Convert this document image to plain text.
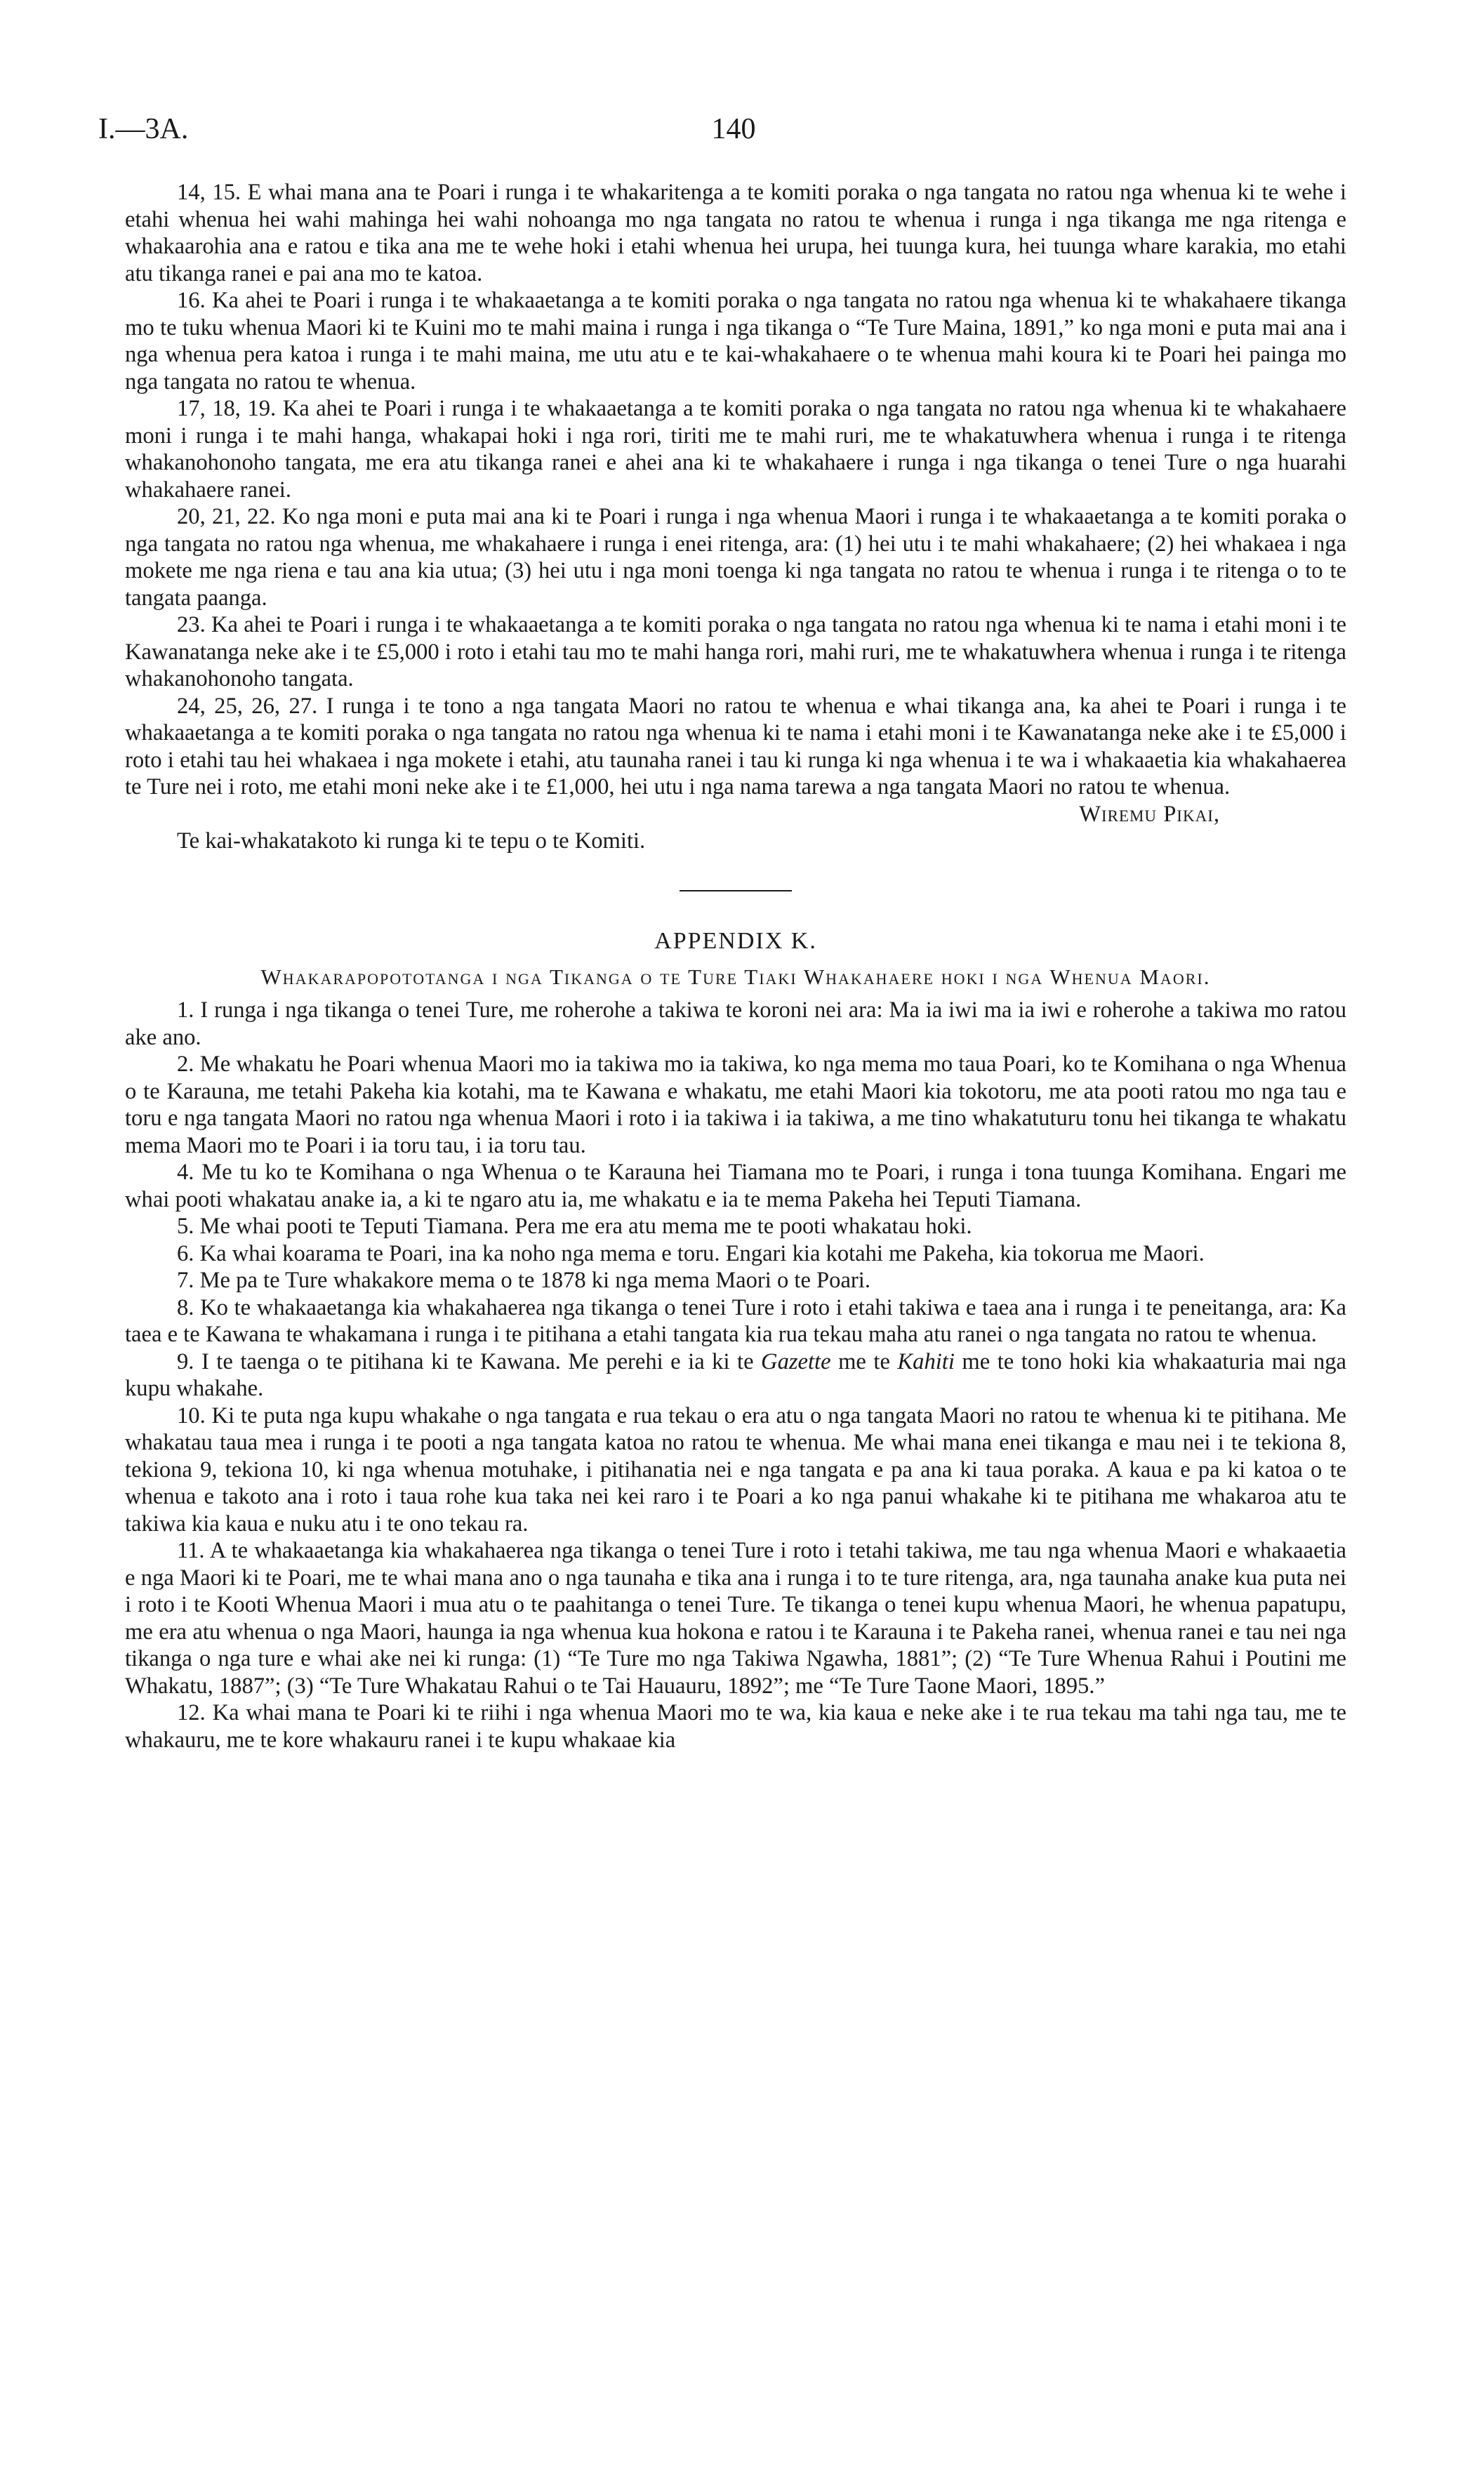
I.—3A.	140

14, 15. E whai mana ana te Poari i runga i te whakaritenga a te komiti poraka o nga tangata no ratou nga whenua ki te wehe i etahi whenua hei wahi mahinga hei wahi nohoanga mo nga tangata no ratou te whenua i runga i nga tikanga me nga ritenga e whakaarohia ana e ratou e tika ana me te wehe hoki i etahi whenua hei urupa, hei tuunga kura, hei tuunga whare karakia, mo etahi atu tikanga ranei e pai ana mo te katoa.

16. Ka ahei te Poari i runga i te whakaaetanga a te komiti poraka o nga tangata no ratou nga whenua ki te whakahaere tikanga mo te tuku whenua Maori ki te Kuini mo te mahi maina i runga i nga tikanga o “Te Ture Maina, 1891,” ko nga moni e puta mai ana i nga whenua pera katoa i runga i te mahi maina, me utu atu e te kai-whakahaere o te whenua mahi koura ki te Poari hei painga mo nga tangata no ratou te whenua.

17, 18, 19. Ka ahei te Poari i runga i te whakaaetanga a te komiti poraka o nga tangata no ratou nga whenua ki te whakahaere moni i runga i te mahi hanga, whakapai hoki i nga rori, tiriti me te mahi ruri, me te whakatuwhera whenua i runga i te ritenga whakanohonoho tangata, me era atu tikanga ranei e ahei ana ki te whakahaere i runga i nga tikanga o tenei Ture o nga huarahi whakahaere ranei.

20, 21, 22. Ko nga moni e puta mai ana ki te Poari i runga i nga whenua Maori i runga i te whakaaetanga a te komiti poraka o nga tangata no ratou nga whenua, me whakahaere i runga i enei ritenga, ara: (1) hei utu i te mahi whakahaere; (2) hei whakaea i nga mokete me nga riena e tau ana kia utua; (3) hei utu i nga moni toenga ki nga tangata no ratou te whenua i runga i te ritenga o to te tangata paanga.

23. Ka ahei te Poari i runga i te whakaaetanga a te komiti poraka o nga tangata no ratou nga whenua ki te nama i etahi moni i te Kawanatanga neke ake i te £5,000 i roto i etahi tau mo te mahi hanga rori, mahi ruri, me te whakatuwhera whenua i runga i te ritenga whakanohonoho tangata.

24, 25, 26, 27. I runga i te tono a nga tangata Maori no ratou te whenua e whai tikanga ana, ka ahei te Poari i runga i te whakaaetanga a te komiti poraka o nga tangata no ratou nga whenua ki te nama i etahi moni i te Kawanatanga neke ake i te £5,000 i roto i etahi tau hei whakaea i nga mokete i etahi, atu taunaha ranei i tau ki runga ki nga whenua i te wa i whakaaetia kia whakahaerea te Ture nei i roto, me etahi moni neke ake i te £1,000, hei utu i nga nama tarewa a nga tangata Maori no ratou te whenua.

Wiremu Pikai,

Te kai-whakatakoto ki runga ki te tepu o te Komiti.

APPENDIX K.
Whakarapopototanga i nga Tikanga o te Ture Tiaki Whakahaere hoki i nga Whenua Maori.

1. I runga i nga tikanga o tenei Ture, me roherohe a takiwa te koroni nei ara: Ma ia iwi ma ia iwi e roherohe a takiwa mo ratou ake ano.

2. Me whakatu he Poari whenua Maori mo ia takiwa mo ia takiwa, ko nga mema mo taua Poari, ko te Komihana o nga Whenua o te Karauna, me tetahi Pakeha kia kotahi, ma te Kawana e whakatu, me etahi Maori kia tokotoru, me ata pooti ratou mo nga tau e toru e nga tangata Maori no ratou nga whenua Maori i roto i ia takiwa i ia takiwa, a me tino whakatuturu tonu hei tikanga te whakatu mema Maori mo te Poari i ia toru tau, i ia toru tau.

4. Me tu ko te Komihana o nga Whenua o te Karauna hei Tiamana mo te Poari, i runga i tona tuunga Komihana. Engari me whai pooti whakatau anake ia, a ki te ngaro atu ia, me whakatu e ia te mema Pakeha hei Teputi Tiamana.

5. Me whai pooti te Teputi Tiamana. Pera me era atu mema me te pooti whakatau hoki.

6. Ka whai koarama te Poari, ina ka noho nga mema e toru. Engari kia kotahi me Pakeha, kia tokorua me Maori.

7. Me pa te Ture whakakore mema o te 1878 ki nga mema Maori o te Poari.

8. Ko te whakaaetanga kia whakahaerea nga tikanga o tenei Ture i roto i etahi takiwa e taea ana i runga i te peneitanga, ara: Ka taea e te Kawana te whakamana i runga i te pitihana a etahi tangata kia rua tekau maha atu ranei o nga tangata no ratou te whenua.

9. I te taenga o te pitihana ki te Kawana. Me perehi e ia ki te Gazette me te Kahiti me te tono hoki kia whakaaturia mai nga kupu whakahe.

10. Ki te puta nga kupu whakahe o nga tangata e rua tekau o era atu o nga tangata Maori no ratou te whenua ki te pitihana. Me whakatau taua mea i runga i te pooti a nga tangata katoa no ratou te whenua. Me whai mana enei tikanga e mau nei i te tekiona 8, tekiona 9, tekiona 10, ki nga whenua motuhake, i pitihanatia nei e nga tangata e pa ana ki taua poraka. A kaua e pa ki katoa o te whenua e takoto ana i roto i taua rohe kua taka nei kei raro i te Poari a ko nga panui whakahe ki te pitihana me whakaroa atu te takiwa kia kaua e nuku atu i te ono tekau ra.

11. A te whakaaetanga kia whakahaerea nga tikanga o tenei Ture i roto i tetahi takiwa, me tau nga whenua Maori e whakaaetia e nga Maori ki te Poari, me te whai mana ano o nga taunaha e tika ana i runga i to te ture ritenga, ara, nga taunaha anake kua puta nei i roto i te Kooti Whenua Maori i mua atu o te paahitanga o tenei Ture. Te tikanga o tenei kupu whenua Maori, he whenua papatupu, me era atu whenua o nga Maori, haunga ia nga whenua kua hokona e ratou i te Karauna i te Pakeha ranei, whenua ranei e tau nei nga tikanga o nga ture e whai ake nei ki runga: (1) “Te Ture mo nga Takiwa Ngawha, 1881”; (2) “Te Ture Whenua Rahui i Poutini me Whakatu, 1887”; (3) “Te Ture Whakatau Rahui o te Tai Hauauru, 1892”; me “Te Ture Taone Maori, 1895.”

12. Ka whai mana te Poari ki te riihi i nga whenua Maori mo te wa, kia kaua e neke ake i te rua tekau ma tahi nga tau, me te whakauru, me te kore whakauru ranei i te kupu whakaae kia
